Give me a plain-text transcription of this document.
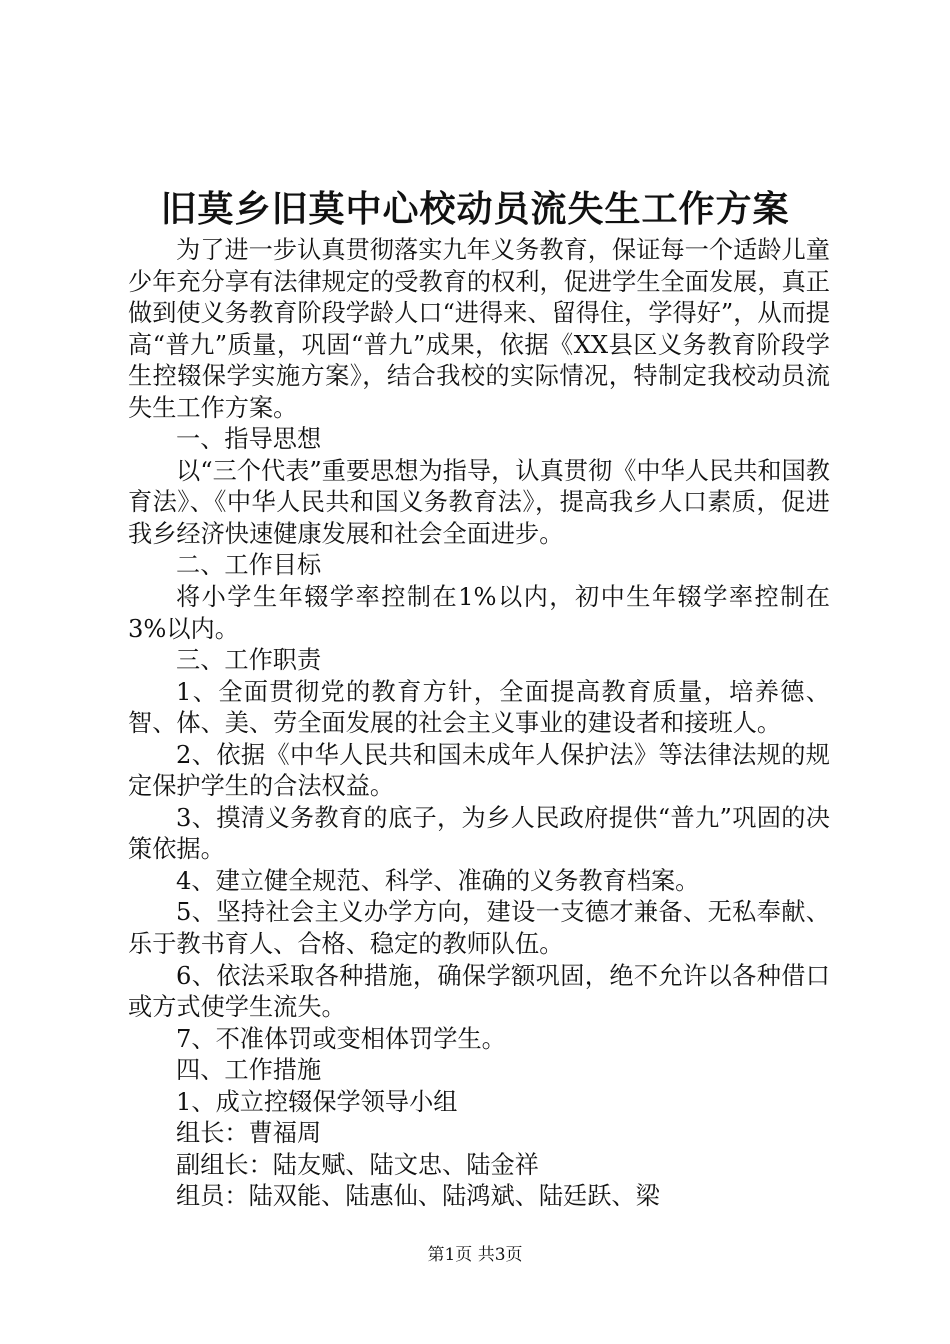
旧莫乡旧莫中心校动员流失生工作方案

为了进一步认真贯彻落实九年义务教育，保证每一个适龄儿童少年充分享有法律规定的受教育的权利，促进学生全面发展，真正做到使义务教育阶段学龄人口“进得来、留得住，学得好”，从而提高“普九”质量，巩固“普九”成果，依据《XX县区义务教育阶段学生控辍保学实施方案》，结合我校的实际情况，特制定我校动员流失生工作方案。

一、指导思想

以“三个代表”重要思想为指导，认真贯彻《中华人民共和国教育法》、《中华人民共和国义务教育法》，提高我乡人口素质，促进我乡经济快速健康发展和社会全面进步。

二、工作目标

将小学生年辍学率控制在1%以内，初中生年辍学率控制在3%以内。

三、工作职责

1、全面贯彻党的教育方针，全面提高教育质量，培养德、智、体、美、劳全面发展的社会主义事业的建设者和接班人。

2、依据《中华人民共和国未成年人保护法》等法律法规的规定保护学生的合法权益。

3、摸清义务教育的底子，为乡人民政府提供“普九”巩固的决策依据。

4、建立健全规范、科学、准确的义务教育档案。

5、坚持社会主义办学方向，建设一支德才兼备、无私奉献、乐于教书育人、合格、稳定的教师队伍。

6、依法采取各种措施，确保学额巩固，绝不允许以各种借口或方式使学生流失。

7、不准体罚或变相体罚学生。

四、工作措施

1、成立控辍保学领导小组

组长：曹福周

副组长：陆友赋、陆文忠、陆金祥

组员：陆双能、陆惠仙、陆鸿斌、陆廷跃、梁

第1页 共3页
